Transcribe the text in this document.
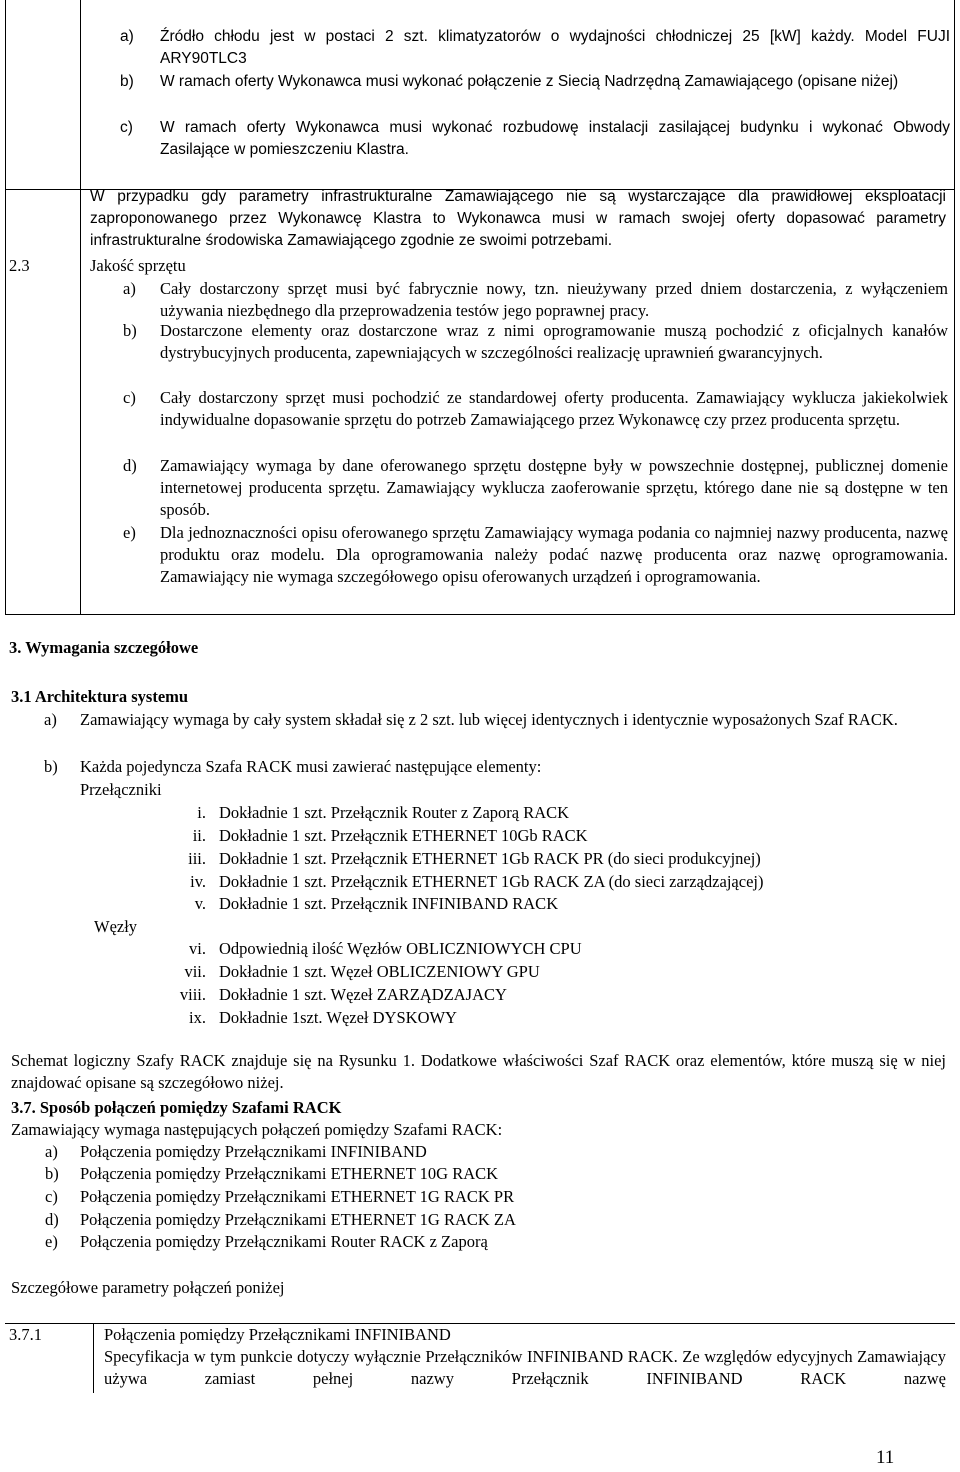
a) Źródło chłodu jest w postaci 2 szt. klimatyzatorów o wydajności chłodniczej 25 [kW] każdy. Model FUJI ARY90TLC3
b) W ramach oferty Wykonawca musi wykonać połączenie z Siecią Nadrzędną Zamawiającego (opisane niżej)
c) W ramach oferty Wykonawca musi wykonać rozbudowę instalacji zasilającej budynku i wykonać Obwody Zasilające w pomieszczeniu Klastra.
W przypadku gdy parametry infrastrukturalne Zamawiającego nie są wystarczające dla prawidłowej eksploatacji zaproponowanego przez Wykonawcę Klastra to Wykonawca musi w ramach swojej oferty dopasować parametry infrastrukturalne środowiska Zamawiającego zgodnie ze swoimi potrzebami.
2.3	Jakość sprzętu
a) Cały dostarczony sprzęt musi być fabrycznie nowy, tzn. nieużywany przed dniem dostarczenia, z wyłączeniem używania niezbędnego dla przeprowadzenia testów jego poprawnej pracy.
b) Dostarczone elementy oraz dostarczone wraz z nimi oprogramowanie muszą pochodzić z oficjalnych kanałów dystrybucyjnych producenta, zapewniających w szczególności realizację uprawnień gwarancyjnych.
c) Cały dostarczony sprzęt musi pochodzić ze standardowej oferty producenta. Zamawiający wyklucza jakiekolwiek indywidualne dopasowanie sprzętu do potrzeb Zamawiającego przez Wykonawcę czy przez producenta sprzętu.
d) Zamawiający wymaga by dane oferowanego sprzętu dostępne były w powszechnie dostępnej, publicznej domenie internetowej producenta sprzętu. Zamawiający wyklucza zaoferowanie sprzętu, którego dane nie są dostępne w ten sposób.
e) Dla jednoznaczności opisu oferowanego sprzętu Zamawiający wymaga podania co najmniej nazwy producenta, nazwę produktu oraz modelu. Dla oprogramowania należy podać nazwę producenta oraz nazwę oprogramowania. Zamawiający nie wymaga szczegółowego opisu oferowanych urządzeń i oprogramowania.
3. Wymagania szczegółowe
3.1 Architektura systemu
a) Zamawiający wymaga by cały system składał się z 2 szt. lub więcej identycznych i identycznie wyposażonych Szaf RACK.
b) Każda pojedyncza Szafa RACK musi zawierać następujące elementy:
Przełączniki
i. Dokładnie 1 szt. Przełącznik Router z Zaporą RACK
ii. Dokładnie 1 szt. Przełącznik ETHERNET 10Gb RACK
iii. Dokładnie 1 szt. Przełącznik ETHERNET 1Gb RACK PR (do sieci produkcyjnej)
iv. Dokładnie 1 szt. Przełącznik ETHERNET 1Gb RACK ZA (do sieci zarządzającej)
v. Dokładnie 1 szt. Przełącznik INFINIBAND RACK
Węzły
vi. Odpowiednią ilość Węzłów OBLICZNIOWYCH CPU
vii. Dokładnie 1 szt. Węzeł OBLICZENIOWY GPU
viii. Dokładnie 1 szt. Węzeł ZARZĄDZAJACY
ix. Dokładnie 1szt. Węzeł DYSKOWY
Schemat logiczny Szafy RACK znajduje się na Rysunku 1. Dodatkowe właściwości Szaf RACK oraz elementów, które muszą się w niej znajdować opisane są szczegółowo niżej.
3.7. Sposób połączeń pomiędzy Szafami RACK
Zamawiający wymaga następujących połączeń pomiędzy Szafami RACK:
a) Połączenia pomiędzy Przełącznikami INFINIBAND
b) Połączenia pomiędzy Przełącznikami ETHERNET 10G RACK
c) Połączenia pomiędzy Przełącznikami ETHERNET 1G RACK PR
d) Połączenia pomiędzy Przełącznikami ETHERNET 1G RACK ZA
e) Połączenia pomiędzy Przełącznikami Router RACK z Zaporą
Szczegółowe parametry połączeń poniżej
3.7.1	Połączenia pomiędzy Przełącznikami INFINIBAND
Specyfikacja w tym punkcie dotyczy wyłącznie Przełączników INFINIBAND RACK. Ze względów edycyjnych Zamawiający używa zamiast pełnej nazwy Przełącznik INFINIBAND RACK nazwę
11
